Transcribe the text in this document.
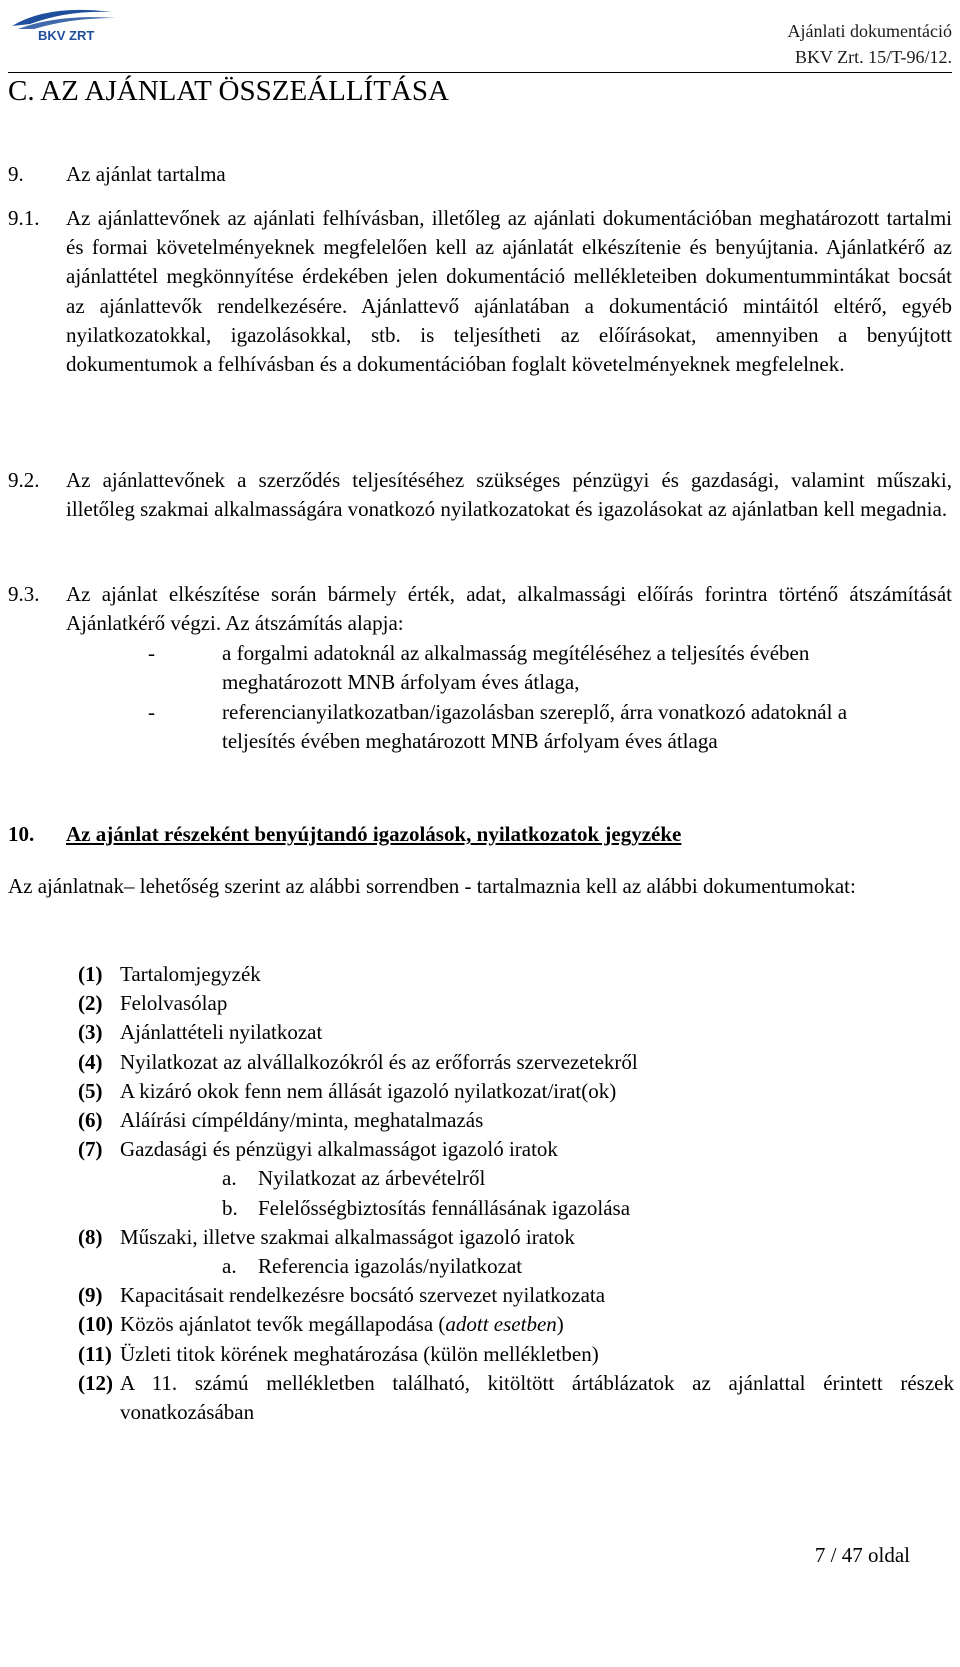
BKV ZRT	Ajánlati dokumentáció
BKV Zrt. 15/T-96/12.
C. AZ AJÁNLAT ÖSSZEÁLLÍTÁSA
9. Az ajánlat tartalma
9.1. Az ajánlattevőnek az ajánlati felhívásban, illetőleg az ajánlati dokumentációban meghatározott tartalmi és formai követelményeknek megfelelően kell az ajánlatát elkészítenie és benyújtania. Ajánlatkérő az ajánlattétel megkönnyítése érdekében jelen dokumentáció mellékleteiben dokumentummintákat bocsát az ajánlattevők rendelkezésére. Ajánlattevő ajánlatában a dokumentáció mintáitól eltérő, egyéb nyilatkozatokkal, igazolásokkal, stb. is teljesítheti az előírásokat, amennyiben a benyújtott dokumentumok a felhívásban és a dokumentációban foglalt követelményeknek megfelelnek.
9.2. Az ajánlattevőnek a szerződés teljesítéséhez szükséges pénzügyi és gazdasági, valamint műszaki, illetőleg szakmai alkalmasságára vonatkozó nyilatkozatokat és igazolásokat az ajánlatban kell megadnia.
9.3. Az ajánlat elkészítése során bármely érték, adat, alkalmassági előírás forintra történő átszámítását Ajánlatkérő végzi. Az átszámítás alapja:
-	a forgalmi adatoknál az alkalmasság megítéléséhez a teljesítés évében meghatározott MNB árfolyam éves átlaga,
-	referencianyilatkozatban/igazolásban szereplő, árra vonatkozó adatoknál a teljesítés évében meghatározott MNB árfolyam éves átlaga
10. Az ajánlat részeként benyújtandó igazolások, nyilatkozatok jegyzéke
Az ajánlatnak– lehetőség szerint az alábbi sorrendben - tartalmaznia kell az alábbi dokumentumokat:
(1) Tartalomjegyzék
(2) Felolvasólap
(3) Ajánlattételi nyilatkozat
(4) Nyilatkozat az alvállalkozókról és az erőforrás szervezetekről
(5) A kizáró okok fenn nem állását igazoló nyilatkozat/irat(ok)
(6) Aláírási címpéldány/minta, meghatalmazás
(7) Gazdasági és pénzügyi alkalmasságot igazoló iratok
a. Nyilatkozat az árbevételről
b. Felelősségbiztosítás fennállásának igazolása
(8) Műszaki, illetve szakmai alkalmasságot igazoló iratok
a. Referencia igazolás/nyilatkozat
(9) Kapacitásait rendelkezésre bocsátó szervezet nyilatkozata
(10) Közös ajánlatot tevők megállapodása (adott esetben)
(11) Üzleti titok körének meghatározása (külön mellékletben)
(12) A 11. számú mellékletben található, kitöltött ártáblázatok az ajánlattal érintett részek vonatkozásában
7 / 47 oldal
